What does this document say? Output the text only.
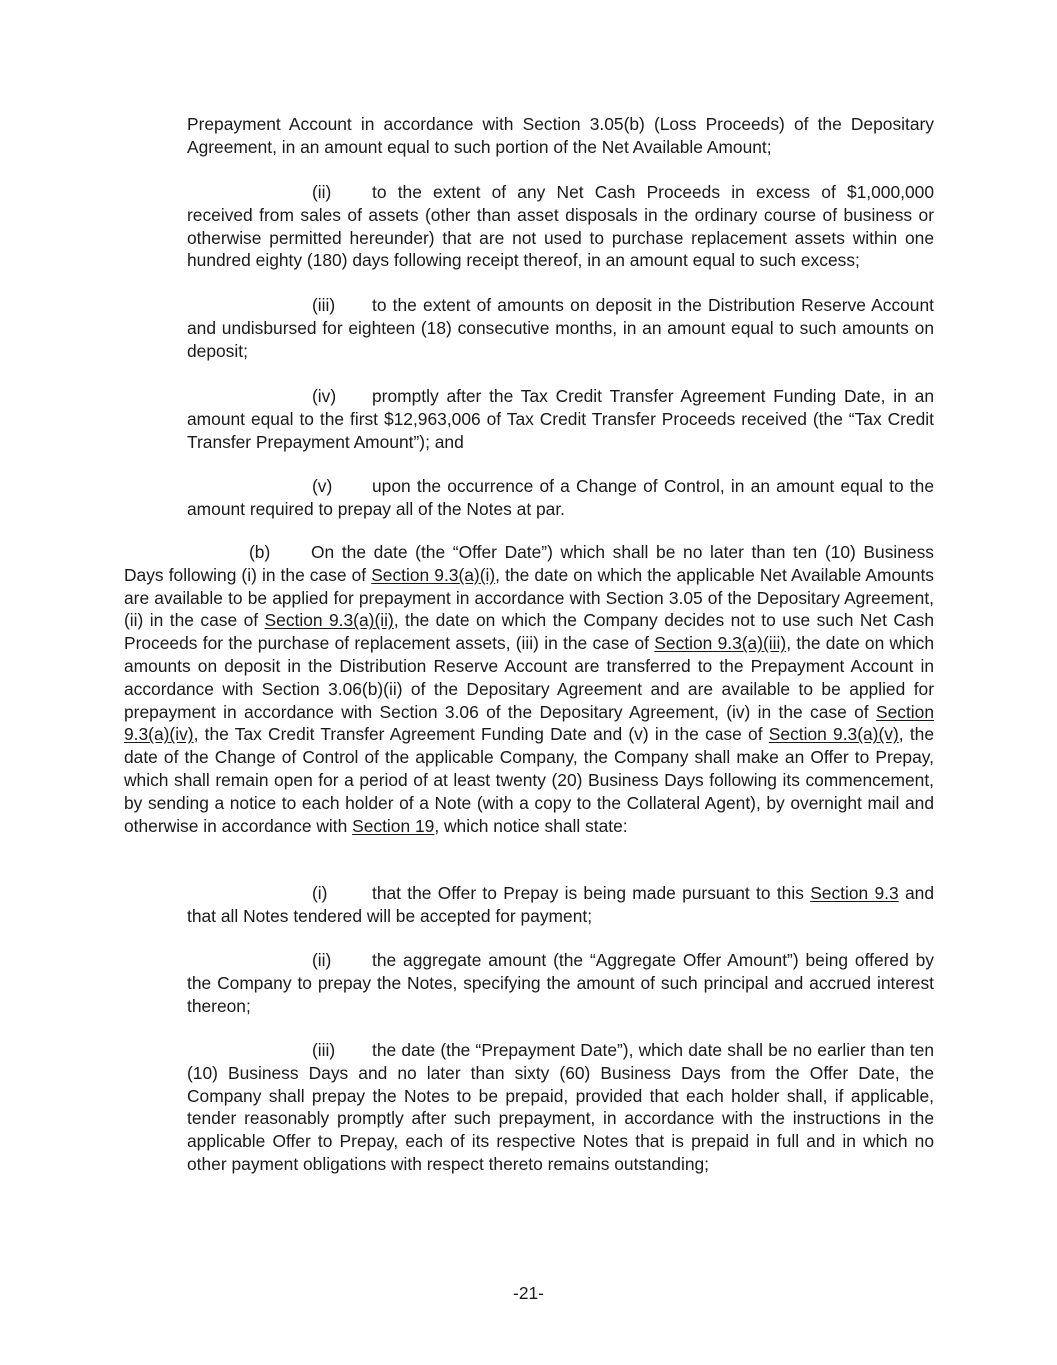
Prepayment Account in accordance with Section 3.05(b) (Loss Proceeds) of the Depositary Agreement, in an amount equal to such portion of the Net Available Amount;

(ii) to the extent of any Net Cash Proceeds in excess of $1,000,000 received from sales of assets (other than asset disposals in the ordinary course of business or otherwise permitted hereunder) that are not used to purchase replacement assets within one hundred eighty (180) days following receipt thereof, in an amount equal to such excess;

(iii) to the extent of amounts on deposit in the Distribution Reserve Account and undisbursed for eighteen (18) consecutive months, in an amount equal to such amounts on deposit;

(iv) promptly after the Tax Credit Transfer Agreement Funding Date, in an amount equal to the first $12,963,006 of Tax Credit Transfer Proceeds received (the “Tax Credit Transfer Prepayment Amount”); and

(v) upon the occurrence of a Change of Control, in an amount equal to the amount required to prepay all of the Notes at par.

(b) On the date (the “Offer Date”) which shall be no later than ten (10) Business Days following (i) in the case of Section 9.3(a)(i), the date on which the applicable Net Available Amounts are available to be applied for prepayment in accordance with Section 3.05 of the Depositary Agreement, (ii) in the case of Section 9.3(a)(ii), the date on which the Company decides not to use such Net Cash Proceeds for the purchase of replacement assets, (iii) in the case of Section 9.3(a)(iii), the date on which amounts on deposit in the Distribution Reserve Account are transferred to the Prepayment Account in accordance with Section 3.06(b)(ii) of the Depositary Agreement and are available to be applied for prepayment in accordance with Section 3.06 of the Depositary Agreement, (iv) in the case of Section 9.3(a)(iv), the Tax Credit Transfer Agreement Funding Date and (v) in the case of Section 9.3(a)(v), the date of the Change of Control of the applicable Company, the Company shall make an Offer to Prepay, which shall remain open for a period of at least twenty (20) Business Days following its commencement, by sending a notice to each holder of a Note (with a copy to the Collateral Agent), by overnight mail and otherwise in accordance with Section 19, which notice shall state:

(i)	that the Offer to Prepay is being made pursuant to this Section 9.3 and that all Notes tendered will be accepted for payment;

(ii) the aggregate amount (the “Aggregate Offer Amount”) being offered by the Company to prepay the Notes, specifying the amount of such principal and accrued interest thereon;

(iii) the date (the “Prepayment Date”), which date shall be no earlier than ten (10) Business Days and no later than sixty (60) Business Days from the Offer Date, the Company shall prepay the Notes to be prepaid, provided that each holder shall, if applicable, tender reasonably promptly after such prepayment, in accordance with the instructions in the applicable Offer to Prepay, each of its respective Notes that is prepaid in full and in which no other payment obligations with respect thereto remains outstanding;

-21-
